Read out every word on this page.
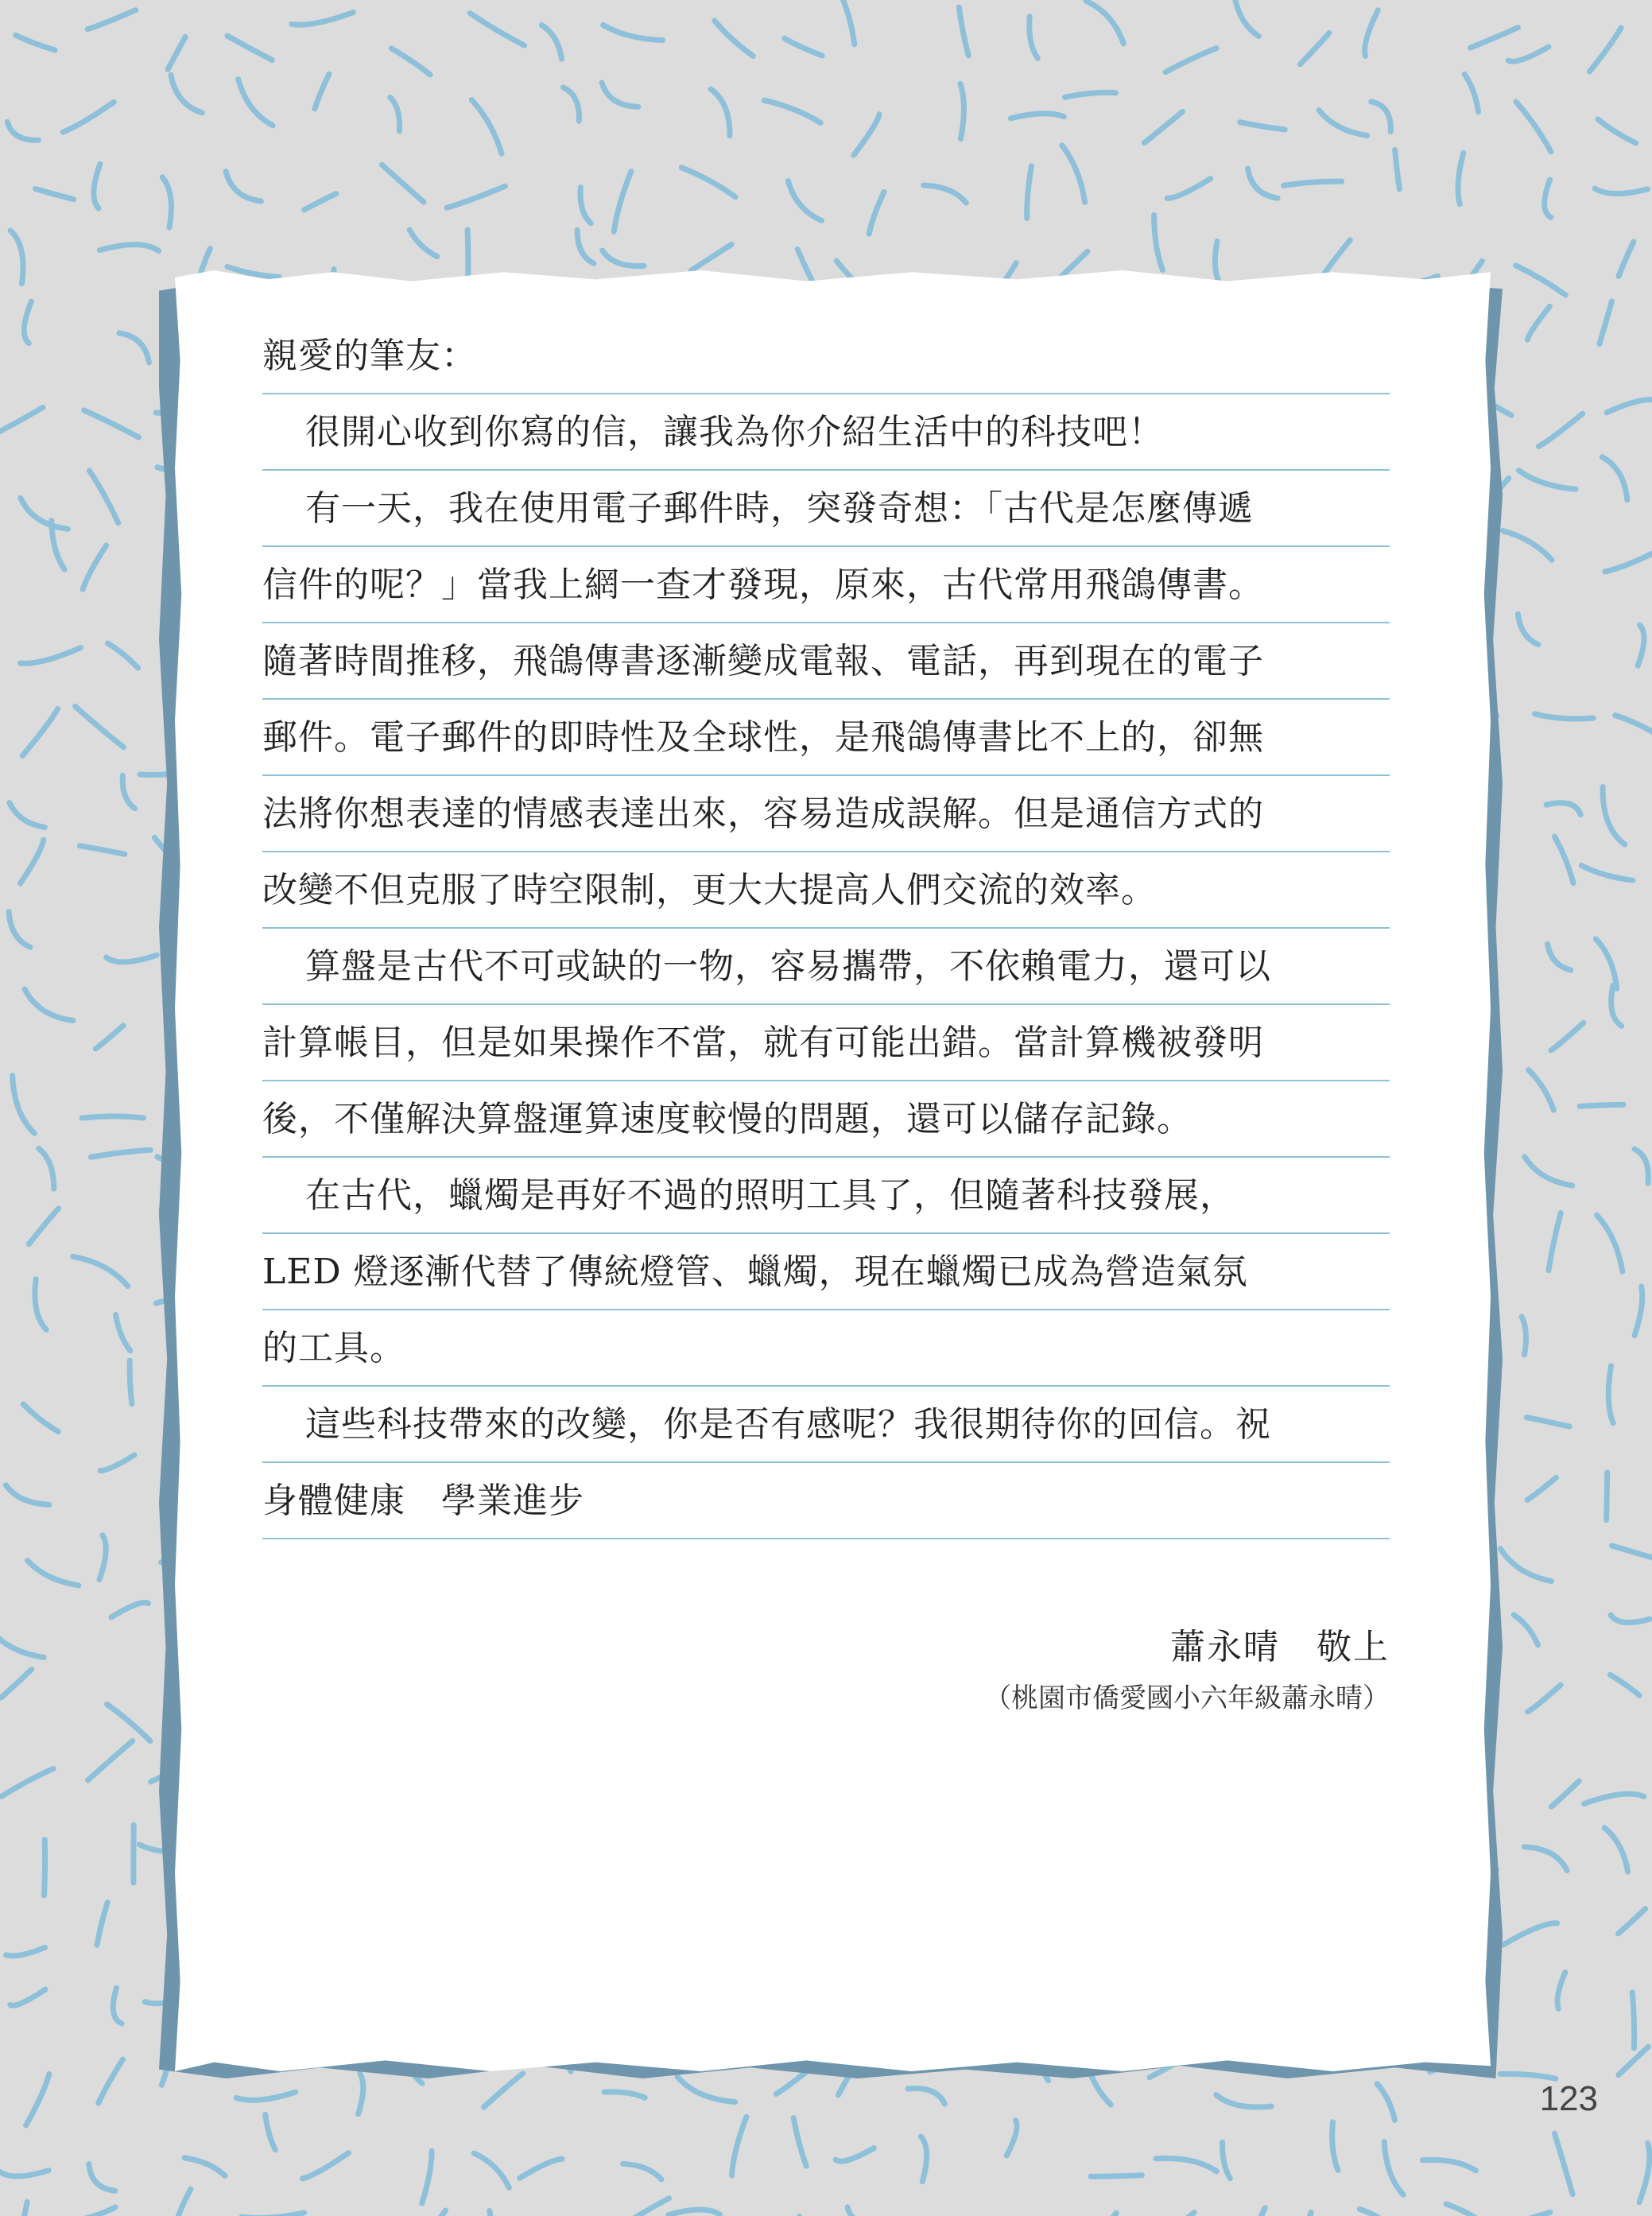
親愛的筆友：
很開心收到你寫的信，讓我為你介紹生活中的科技吧！
有一天，我在使用電子郵件時，突發奇想：「古代是怎麼傳遞
信件的呢？」當我上網一查才發現，原來，古代常用飛鴿傳書。
隨著時間推移，飛鴿傳書逐漸變成電報、電話，再到現在的電子
郵件。電子郵件的即時性及全球性，是飛鴿傳書比不上的，卻無
法將你想表達的情感表達出來，容易造成誤解。但是通信方式的
改變不但克服了時空限制，更大大提高人們交流的效率。
算盤是古代不可或缺的一物，容易攜帶，不依賴電力，還可以
計算帳目，但是如果操作不當，就有可能出錯。當計算機被發明
後，不僅解決算盤運算速度較慢的問題，還可以儲存記錄。
在古代，蠟燭是再好不過的照明工具了，但隨著科技發展，
LED 燈逐漸代替了傳統燈管、蠟燭，現在蠟燭已成為營造氣氛
的工具。
這些科技帶來的改變，你是否有感呢？我很期待你的回信。祝
身體健康　學業進步
蕭永晴　敬上
（桃園市僑愛國小六年級蕭永晴）
123
